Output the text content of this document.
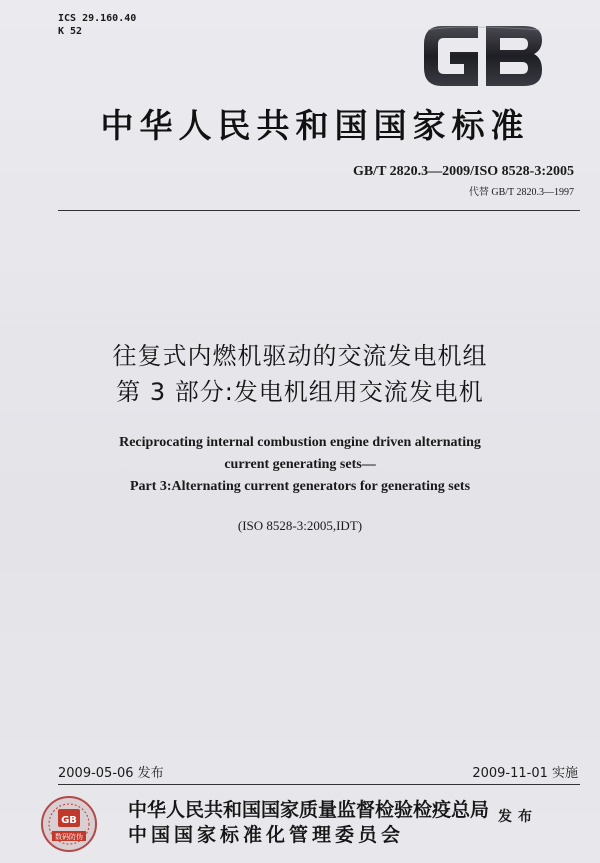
ICS 29.160.40
K 52
中华人民共和国国家标准
GB/T 2820.3—2009/ISO 8528-3:2005
代替 GB/T 2820.3—1997
往复式内燃机驱动的交流发电机组
第 3 部分:发电机组用交流发电机
Reciprocating internal combustion engine driven alternating
current generating sets—
Part 3:Alternating current generators for generating sets
(ISO 8528-3:2005,IDT)
2009-05-06 发布	2009-11-01 实施
GB
数码防伪
中华人民共和国国家质量监督检验检疫总局
中国国家标准化管理委员会
发布
